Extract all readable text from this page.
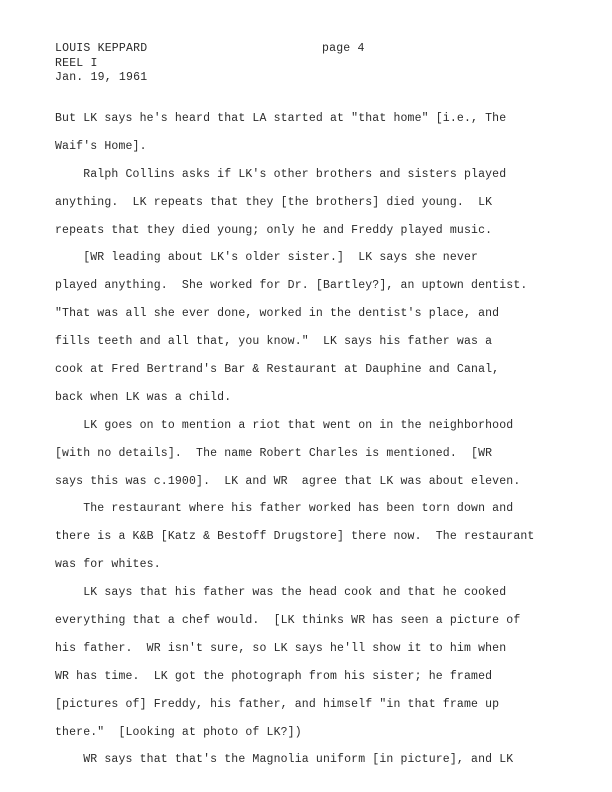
LOUIS KEPPARD
REEL I
Jan. 19, 1961
page 4
But LK says he's heard that LA started at "that home" [i.e., The
Waif's Home].
Ralph Collins asks if LK's other brothers and sisters played
anything.  LK repeats that they [the brothers] died young.  LK
repeats that they died young; only he and Freddy played music.
[WR leading about LK's older sister.]  LK says she never
played anything.  She worked for Dr. [Bartley?], an uptown dentist.
"That was all she ever done, worked in the dentist's place, and
fills teeth and all that, you know."  LK says his father was a
cook at Fred Bertrand's Bar & Restaurant at Dauphine and Canal,
back when LK was a child.
LK goes on to mention a riot that went on in the neighborhood
[with no details].  The name Robert Charles is mentioned.  [WR
says this was c.1900].  LK and WR  agree that LK was about eleven.
The restaurant where his father worked has been torn down and
there is a K&B [Katz & Bestoff Drugstore] there now.  The restaurant
was for whites.
LK says that his father was the head cook and that he cooked
everything that a chef would.  [LK thinks WR has seen a picture of
his father.  WR isn't sure, so LK says he'll show it to him when
WR has time.  LK got the photograph from his sister; he framed
[pictures of] Freddy, his father, and himself "in that frame up
there."  [Looking at photo of LK?])
WR says that that's the Magnolia uniform [in picture], and LK
